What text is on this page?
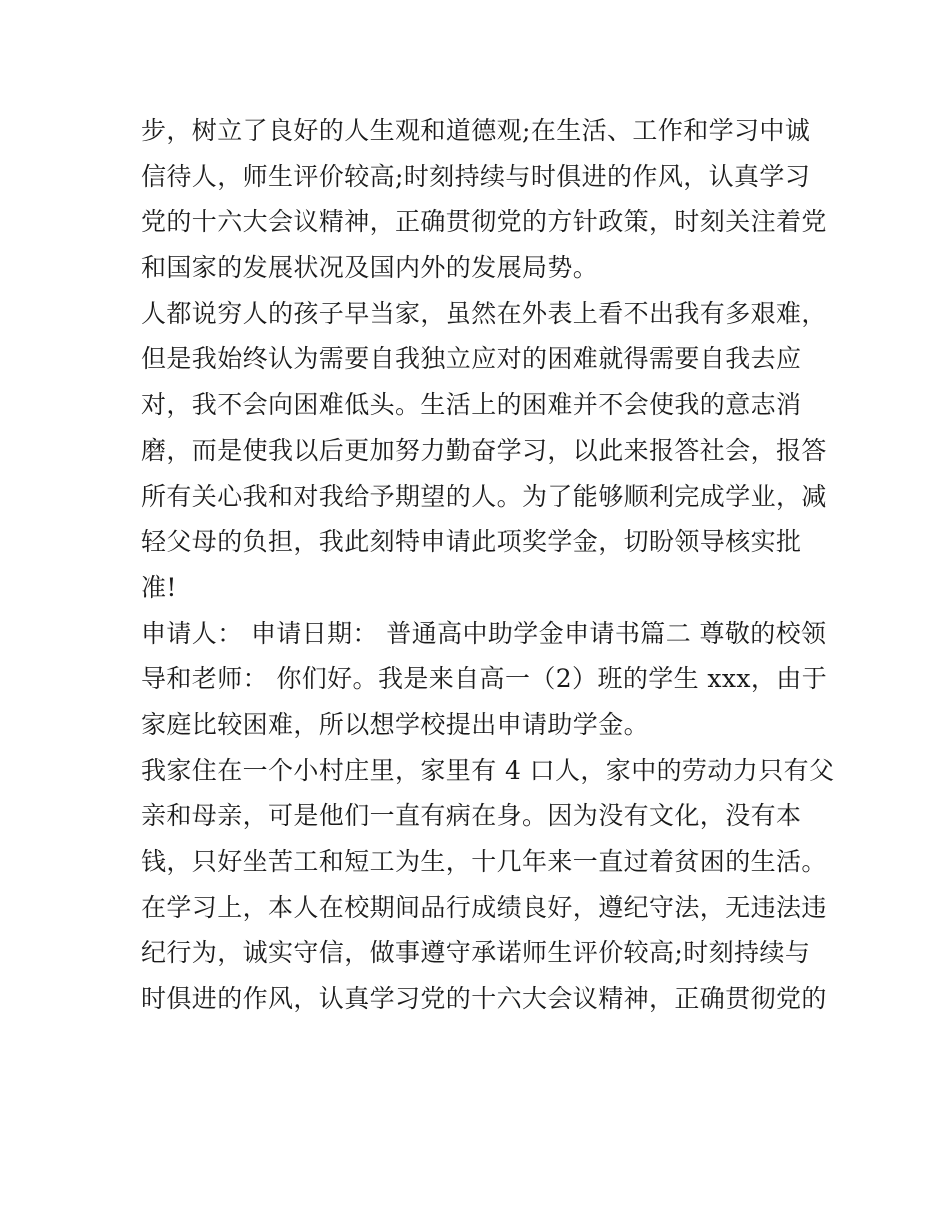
步，树立了良好的人生观和道德观;在生活、工作和学习中诚
信待人，师生评价较高;时刻持续与时俱进的作风，认真学习
党的十六大会议精神，正确贯彻党的方针政策，时刻关注着党
和国家的发展状况及国内外的发展局势。
人都说穷人的孩子早当家，虽然在外表上看不出我有多艰难，
但是我始终认为需要自我独立应对的困难就得需要自我去应
对，我不会向困难低头。生活上的困难并不会使我的意志消
磨，而是使我以后更加努力勤奋学习，以此来报答社会，报答
所有关心我和对我给予期望的人。为了能够顺利完成学业，减
轻父母的负担，我此刻特申请此项奖学金，切盼领导核实批
准!
申请人： 申请日期： 普通高中助学金申请书篇二 尊敬的校领
导和老师： 你们好。我是来自高一（2）班的学生 xxx，由于
家庭比较困难，所以想学校提出申请助学金。
我家住在一个小村庄里，家里有 4 口人，家中的劳动力只有父
亲和母亲，可是他们一直有病在身。因为没有文化，没有本
钱，只好坐苦工和短工为生，十几年来一直过着贫困的生活。
在学习上，本人在校期间品行成绩良好，遵纪守法，无违法违
纪行为，诚实守信，做事遵守承诺师生评价较高;时刻持续与
时俱进的作风，认真学习党的十六大会议精神，正确贯彻党的
